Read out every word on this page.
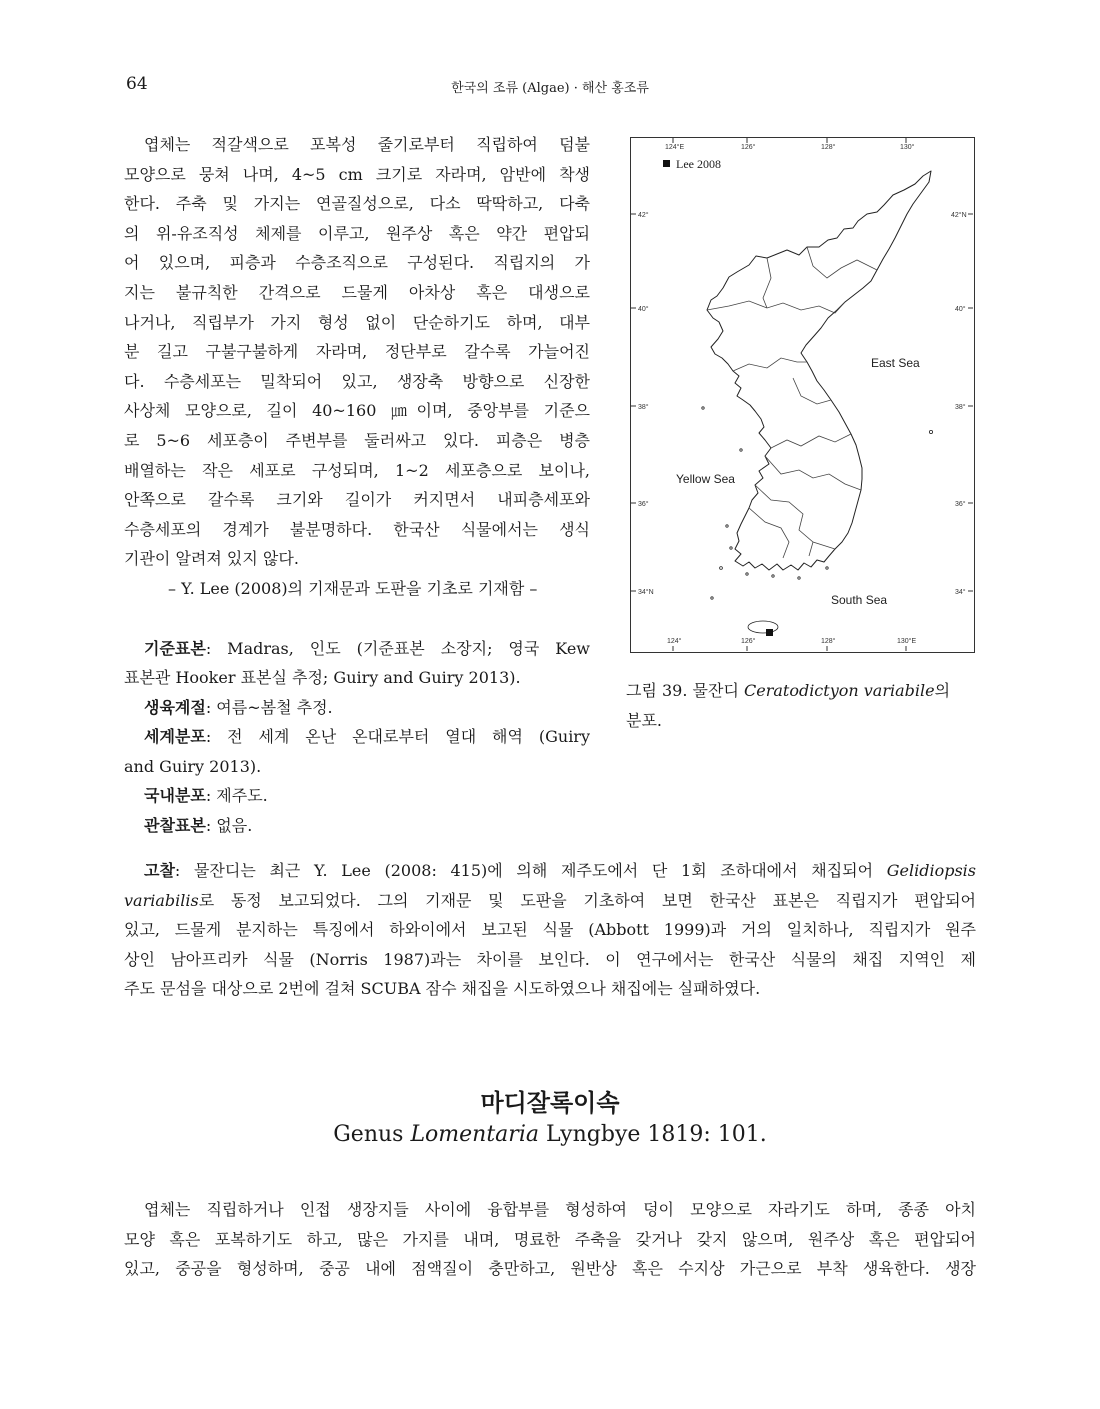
64	한국의 조류 (Algae) · 해산 홍조류

엽체는 적갈색으로 포복성 줄기로부터 직립하여 덤불

모양으로 뭉쳐 나며, 4~5 cm 크기로 자라며, 암반에 착생

한다. 주축 및 가지는 연골질성으로, 다소 딱딱하고, 다축

의 위-유조직성 체제를 이루고, 원주상 혹은 약간 편압되

어 있으며, 피층과 수층조직으로 구성된다. 직립지의 가

지는 불규칙한 간격으로 드물게 아차상 혹은 대생으로

나거나, 직립부가 가지 형성 없이 단순하기도 하며, 대부

분 길고 구불구불하게 자라며, 정단부로 갈수록 가늘어진

다. 수층세포는 밀착되어 있고, 생장축 방향으로 신장한

사상체 모양으로, 길이 40~160 ㎛이며, 중앙부를 기준으

로 5~6 세포층이 주변부를 둘러싸고 있다. 피층은 병층

배열하는 작은 세포로 구성되며, 1~2 세포층으로 보이나,

안쪽으로 갈수록 크기와 길이가 커지면서 내피층세포와

수층세포의 경계가 불분명하다. 한국산 식물에서는 생식

기관이 알려져 있지 않다.

– Y. Lee (2008)의 기재문과 도판을 기초로 기재함 –

기준표본: Madras, 인도 (기준표본 소장지; 영국 Kew

표본관 Hooker 표본실 추정; Guiry and Guiry 2013).

생육계절: 여름~봄철 추정.

세계분포: 전 세계 온난 온대로부터 열대 해역 (Guiry

and Guiry 2013).

국내분포: 제주도.

관찰표본: 없음.

124°E	126°	128°	130°
124°	126°	128°	130°E
42°
40°
38°
36°
34°N
42°N
40°
38°
36°
34°
Lee 2008
East Sea
Yellow Sea
South Sea
그림 39. 물잔디 Ceratodictyon variabile의
분포.

고찰: 물잔디는 최근 Y. Lee (2008: 415)에 의해 제주도에서 단 1회 조하대에서 채집되어 Gelidiopsis

variabilis로 동정 보고되었다. 그의 기재문 및 도판을 기초하여 보면 한국산 표본은 직립지가 편압되어

있고, 드물게 분지하는 특징에서 하와이에서 보고된 식물 (Abbott 1999)과 거의 일치하나, 직립지가 원주

상인 남아프리카 식물 (Norris 1987)과는 차이를 보인다. 이 연구에서는 한국산 식물의 채집 지역인 제

주도 문섬을 대상으로 2번에 걸쳐 SCUBA 잠수 채집을 시도하였으나 채집에는 실패하였다.

마디잘록이속
Genus Lomentaria Lyngbye 1819: 101.

엽체는 직립하거나 인접 생장지들 사이에 융합부를 형성하여 덩이 모양으로 자라기도 하며, 종종 아치

모양 혹은 포복하기도 하고, 많은 가지를 내며, 명료한 주축을 갖거나 갖지 않으며, 원주상 혹은 편압되어

있고, 중공을 형성하며, 중공 내에 점액질이 충만하고, 원반상 혹은 수지상 가근으로 부착 생육한다. 생장
